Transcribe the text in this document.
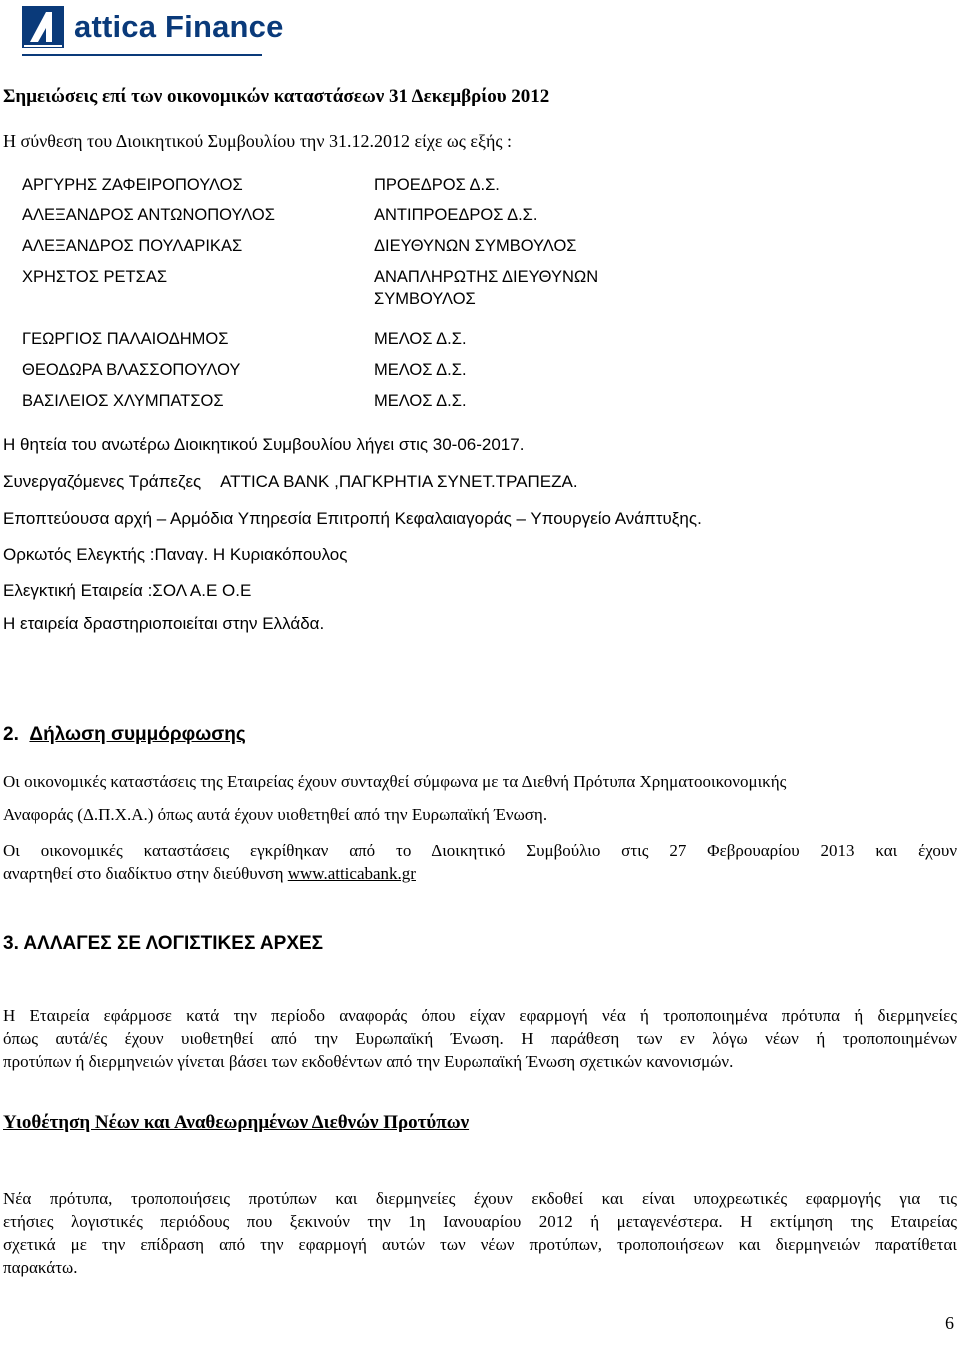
attica Finance
Σημειώσεις επί των οικονομικών καταστάσεων 31 Δεκεμβρίου 2012
Η σύνθεση του Διοικητικού Συμβουλίου την 31.12.2012 είχε ως εξής :
ΑΡΓΥΡΗΣ ΖΑΦΕΙΡΟΠΟΥΛΟΣ	ΠΡΟΕΔΡΟΣ Δ.Σ.
ΑΛΕΞΑΝΔΡΟΣ ΑΝΤΩΝΟΠΟΥΛΟΣ	ΑΝΤΙΠΡΟΕΔΡΟΣ Δ.Σ.
ΑΛΕΞΑΝΔΡΟΣ ΠΟΥΛΑΡΙΚΑΣ	ΔΙΕΥΘΥΝΩΝ ΣΥΜΒΟΥΛΟΣ
ΧΡΗΣΤΟΣ ΡΕΤΣΑΣ	ΑΝΑΠΛΗΡΩΤΗΣ ΔΙΕΥΘΥΝΩΝ
ΣΥΜΒΟΥΛΟΣ
ΓΕΩΡΓΙΟΣ ΠΑΛΑΙΟΔΗΜΟΣ	ΜΕΛΟΣ Δ.Σ.
ΘΕΟΔΩΡΑ ΒΛΑΣΣΟΠΟΥΛΟΥ	ΜΕΛΟΣ Δ.Σ.
ΒΑΣΙΛΕΙΟΣ ΧΛΥΜΠΑΤΣΟΣ	ΜΕΛΟΣ Δ.Σ.
Η θητεία του ανωτέρω Διοικητικού Συμβουλίου λήγει στις 30-06-2017.
Συνεργαζόμενες Τράπεζες    ATTICA BANK ,ΠΑΓΚΡΗΤΙΑ ΣΥΝΕΤ.ΤΡΑΠΕΖΑ.
Εποπτεύουσα αρχή – Αρμόδια Υπηρεσία Επιτροπή Κεφαλαιαγοράς – Υπουργείο Ανάπτυξης.
Ορκωτός Ελεγκτής :Παναγ. Η Κυριακόπουλος
Ελεγκτική Εταιρεία :ΣΟΛ Α.Ε Ο.Ε
Η εταιρεία δραστηριοποιείται στην Ελλάδα.
2. Δήλωση συμμόρφωσης
Οι οικονομικές καταστάσεις της Εταιρείας έχουν συνταχθεί σύμφωνα με τα Διεθνή Πρότυπα Χρηματοοικονομικής
Αναφοράς (Δ.Π.Χ.Α.) όπως αυτά έχουν υιοθετηθεί από την Ευρωπαϊκή Ένωση.
Οι οικονομικές καταστάσεις εγκρίθηκαν από το Διοικητικό Συμβούλιο στις 27 Φεβρουαρίου 2013 και έχουν
αναρτηθεί στο διαδίκτυο στην διεύθυνση www.atticabank.gr
3. ΑΛΛΑΓΕΣ ΣΕ ΛΟΓΙΣΤΙΚΕΣ ΑΡΧΕΣ
Η Εταιρεία εφάρμοσε κατά την περίοδο αναφοράς όπου είχαν εφαρμογή νέα ή τροποποιημένα πρότυπα ή διερμηνείες
όπως αυτά/ές έχουν υιοθετηθεί από την Ευρωπαϊκή Ένωση. Η παράθεση των εν λόγω νέων ή τροποποιημένων
προτύπων ή διερμηνειών γίνεται βάσει των εκδοθέντων από την Ευρωπαϊκή Ένωση σχετικών κανονισμών.
Υιοθέτηση Νέων και Αναθεωρημένων Διεθνών Προτύπων
Νέα πρότυπα, τροποποιήσεις προτύπων και διερμηνείες έχουν εκδοθεί και είναι υποχρεωτικές εφαρμογής για τις
ετήσιες λογιστικές περιόδους που ξεκινούν την 1η Ιανουαρίου 2012 ή μεταγενέστερα. Η εκτίμηση της Εταιρείας
σχετικά με την επίδραση από την εφαρμογή αυτών των νέων προτύπων, τροποποιήσεων και διερμηνειών παρατίθεται
παρακάτω.
6
